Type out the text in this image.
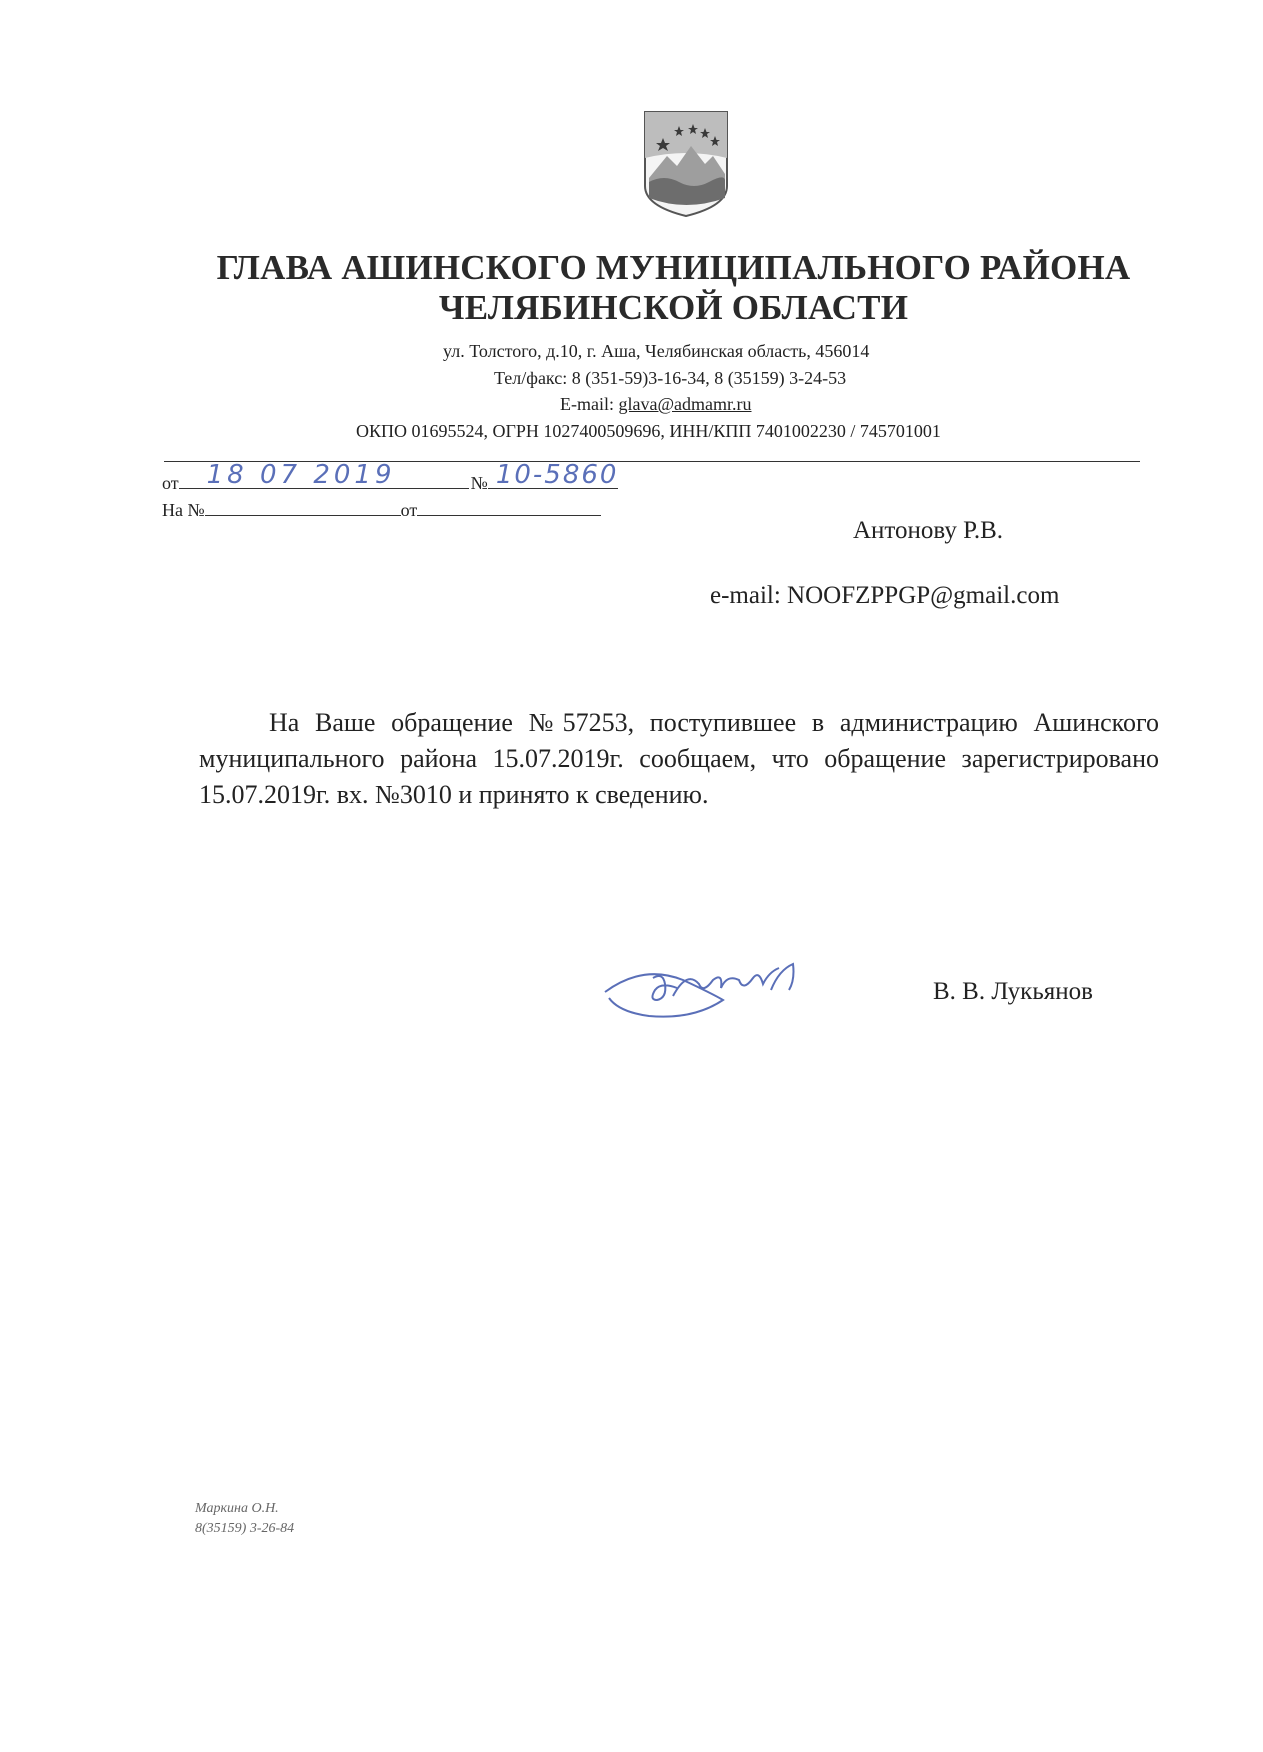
ГЛАВА АШИНСКОГО МУНИЦИПАЛЬНОГО РАЙОНА
ЧЕЛЯБИНСКОЙ ОБЛАСТИ
ул. Толстого, д.10, г. Аша, Челябинская область, 456014
Тел/факс: 8 (351-59)3-16-34, 8 (35159) 3-24-53
E-mail: glava@admamr.ru
ОКПО 01695524, ОГРН 1027400509696, ИНН/КПП 7401002230 / 745701001
от 18 07 2019	№ 10-5860
На №	от
Антонову Р.В.
e-mail: NOOFZPPGP@gmail.com
На Ваше обращение №57253, поступившее в администрацию Ашинского муниципального района 15.07.2019г. сообщаем, что обращение зарегистрировано 15.07.2019г. вх. №3010 и принято к сведению.
В. В. Лукьянов
Маркина О.Н.
8(35159) 3-26-84
